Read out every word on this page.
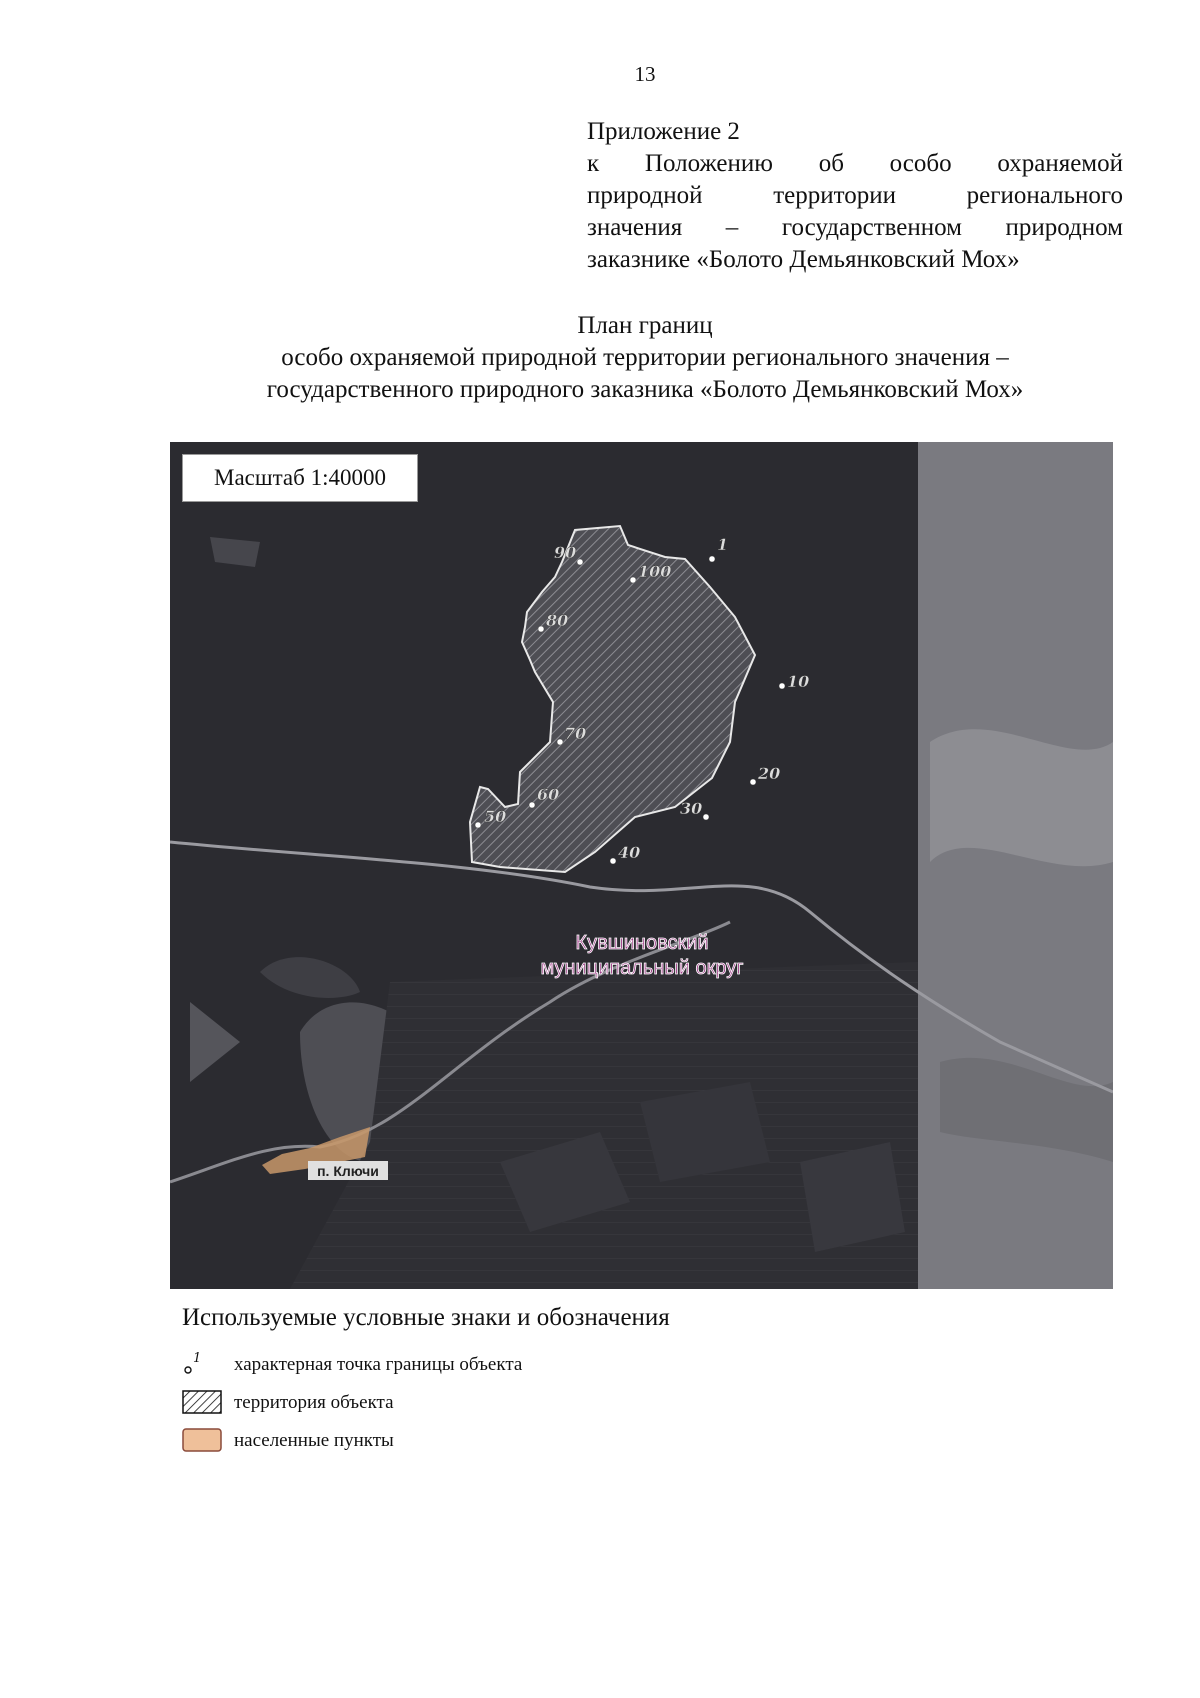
13
Приложение 2
к Положению об особо охраняемой
природной территории регионального
значения – государственном природном
заказнике «Болото Демьянковский Мох»
План границ
особо охраняемой природной территории регионального значения –
государственного природного заказника «Болото Демьянковский Мох»
п. Ключи
Кувшиновский
муниципальный округ
1
10
20
30
40
50
60
70
80
90
100
Масштаб 1:40000
Используемые условные знаки и обозначения
1 характерная точка границы объекта
территория объекта
населенные пункты
